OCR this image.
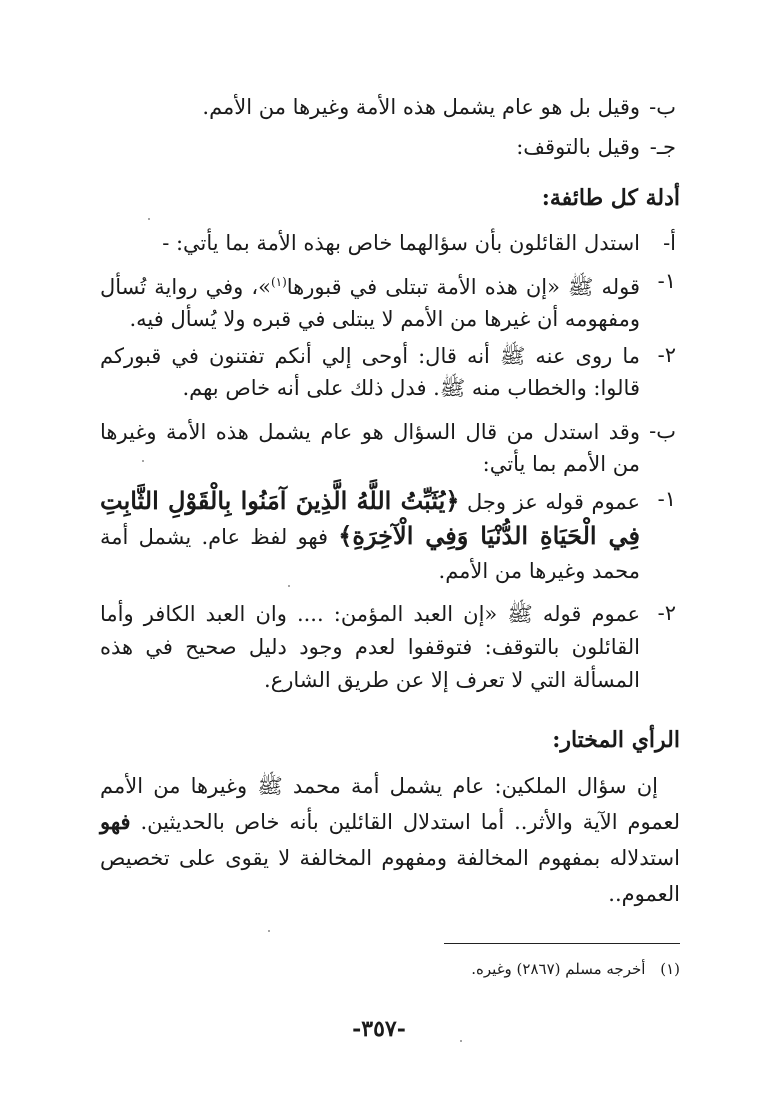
ب-
وقيل بل هو عام يشمل هذه الأمة وغيرها من الأمم.
جـ-
وقيل بالتوقف:
أدلة كل طائفة:
أ-
استدل القائلون بأن سؤالهما خاص بهذه الأمة بما يأتي: -
١-
قوله ﷺ «إن هذه الأمة تبتلى في قبورها$^{(١)}$»، وفي رواية تُسأل ومفهومه أن غيرها من الأمم لا يبتلى في قبره ولا يُسأل فيه.
٢-
ما روى عنه ﷺ أنه قال: أوحى إلي أنكم تفتنون في قبوركم قالوا: والخطاب منه ﷺ. فدل ذلك على أنه خاص بهم.
ب-
وقد استدل من قال السؤال هو عام يشمل هذه الأمة وغيرها من الأمم بما يأتي:
١-
عموم قوله عز وجل ﴿يُثَبِّتُ اللَّهُ الَّذِينَ آمَنُوا بِالْقَوْلِ الثَّابِتِ فِي الْحَيَاةِ الدُّنْيَا وَفِي الْآخِرَةِ﴾ فهو لفظ عام. يشمل أمة محمد وغيرها من الأمم.
٢-
عموم قوله ﷺ «إن العبد المؤمن: .... وان العبد الكافر وأما القائلون بالتوقف: فتوقفوا لعدم وجود دليل صحيح في هذه المسألة التي لا تعرف إلا عن طريق الشارع.
الرأي المختار:
إن سؤال الملكين: عام يشمل أمة محمد ﷺ وغيرها من الأمم لعموم الآية والأثر.. أما استدلال القائلين بأنه خاص بالحديثين. فهو استدلاله بمفهوم المخالفة ومفهوم المخالفة لا يقوى على تخصيص العموم..
(١) أخرجه مسلم (٢٨٦٧) وغيره.
-٣٥٧-
